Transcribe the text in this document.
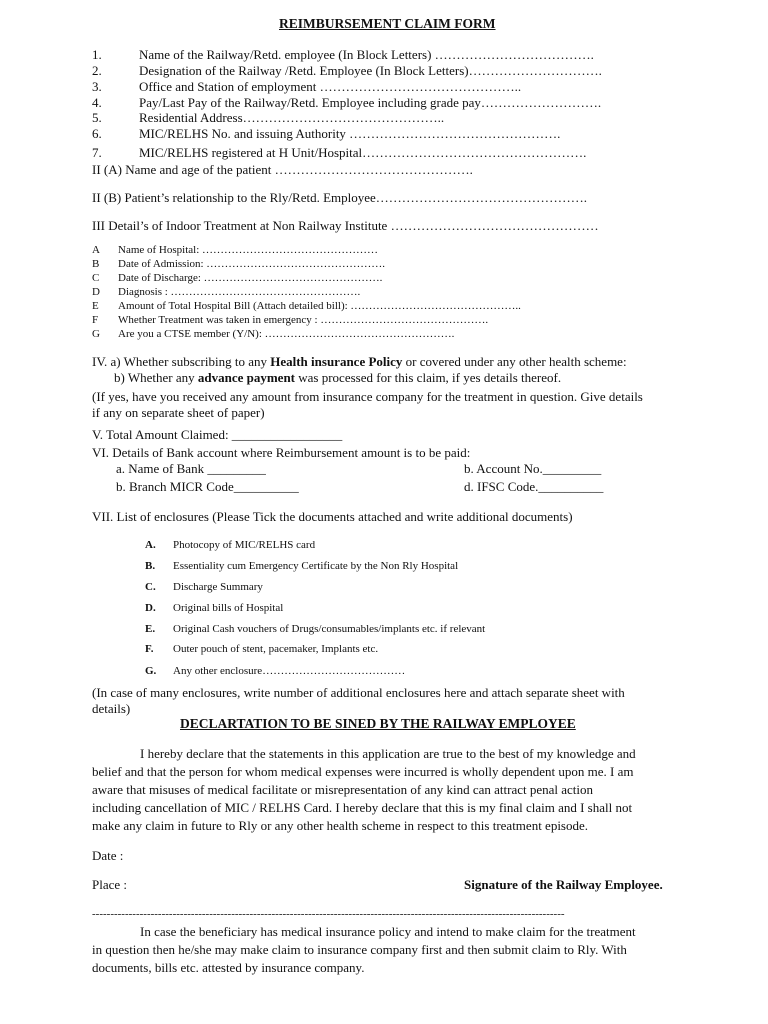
REIMBURSEMENT CLAIM FORM
1.	Name of the Railway/Retd. employee (In Block Letters) ……………………………….
2.	Designation of the Railway /Retd. Employee (In Block Letters)………………………….
3.	Office and Station of employment ………………………………………..
4.	Pay/Last Pay of the Railway/Retd. Employee including grade pay……………………….
5.	Residential Address………………………………………..
6.	MIC/RELHS No. and issuing Authority ………………………………………….
7.	MIC/RELHS registered at H Unit/Hospital…………………………………………….
II (A) Name and age of the patient ……………………………………….
II (B) Patient’s relationship to the Rly/Retd. Employee………………………………………….
III Detail’s of Indoor Treatment at Non Railway Institute …………………………………………
A Name of Hospital: …………………………………………
B Date of Admission: ………………………………………….
C Date of Discharge: ………………………………………….
D Diagnosis : …………………………………………….
E Amount of Total Hospital Bill (Attach detailed bill): ………………………………………..
F Whether Treatment was taken in emergency : ……………………………………….
G Are you a CTSE member (Y/N): …………………………………………….
IV. a) Whether subscribing to any Health insurance Policy or covered under any other health scheme:
b) Whether any advance payment was processed for this claim, if yes details thereof.
(If yes, have you received any amount from insurance company for the treatment in question. Give details
if any on separate sheet of paper)
V. Total Amount Claimed: _________________
VI. Details of Bank account where Reimbursement amount is to be paid:
a. Name of Bank _________	b. Account No._________
b. Branch MICR Code__________	d. IFSC Code.__________
VII. List of enclosures (Please Tick the documents attached and write additional documents)
A. Photocopy of MIC/RELHS card
B. Essentiality cum Emergency Certificate by the Non Rly Hospital
C. Discharge Summary
D. Original bills of Hospital
E. Original Cash vouchers of Drugs/consumables/implants etc. if relevant
F. Outer pouch of stent, pacemaker, Implants etc.
G. Any other enclosure…………………………………
(In case of many enclosures, write number of additional enclosures here and attach separate sheet with
details)
DECLARTATION TO BE SINED BY THE RAILWAY EMPLOYEE
I hereby declare that the statements in this application are true to the best of my knowledge and
belief and that the person for whom medical expenses were incurred is wholly dependent upon me. I am
aware that misuses of medical facilitate or misrepresentation of any kind can attract penal action
including cancellation of MIC / RELHS Card. I hereby declare that this is my final claim and I shall not
make any claim in future to Rly or any other health scheme in respect to this treatment episode.
Date :
Place :	Signature of the Railway Employee.
---------------------------------------------------------------------------------------------------------------------------------
In case the beneficiary has medical insurance policy and intend to make claim for the treatment
in question then he/she may make claim to insurance company first and then submit claim to Rly. With
documents, bills etc. attested by insurance company.
